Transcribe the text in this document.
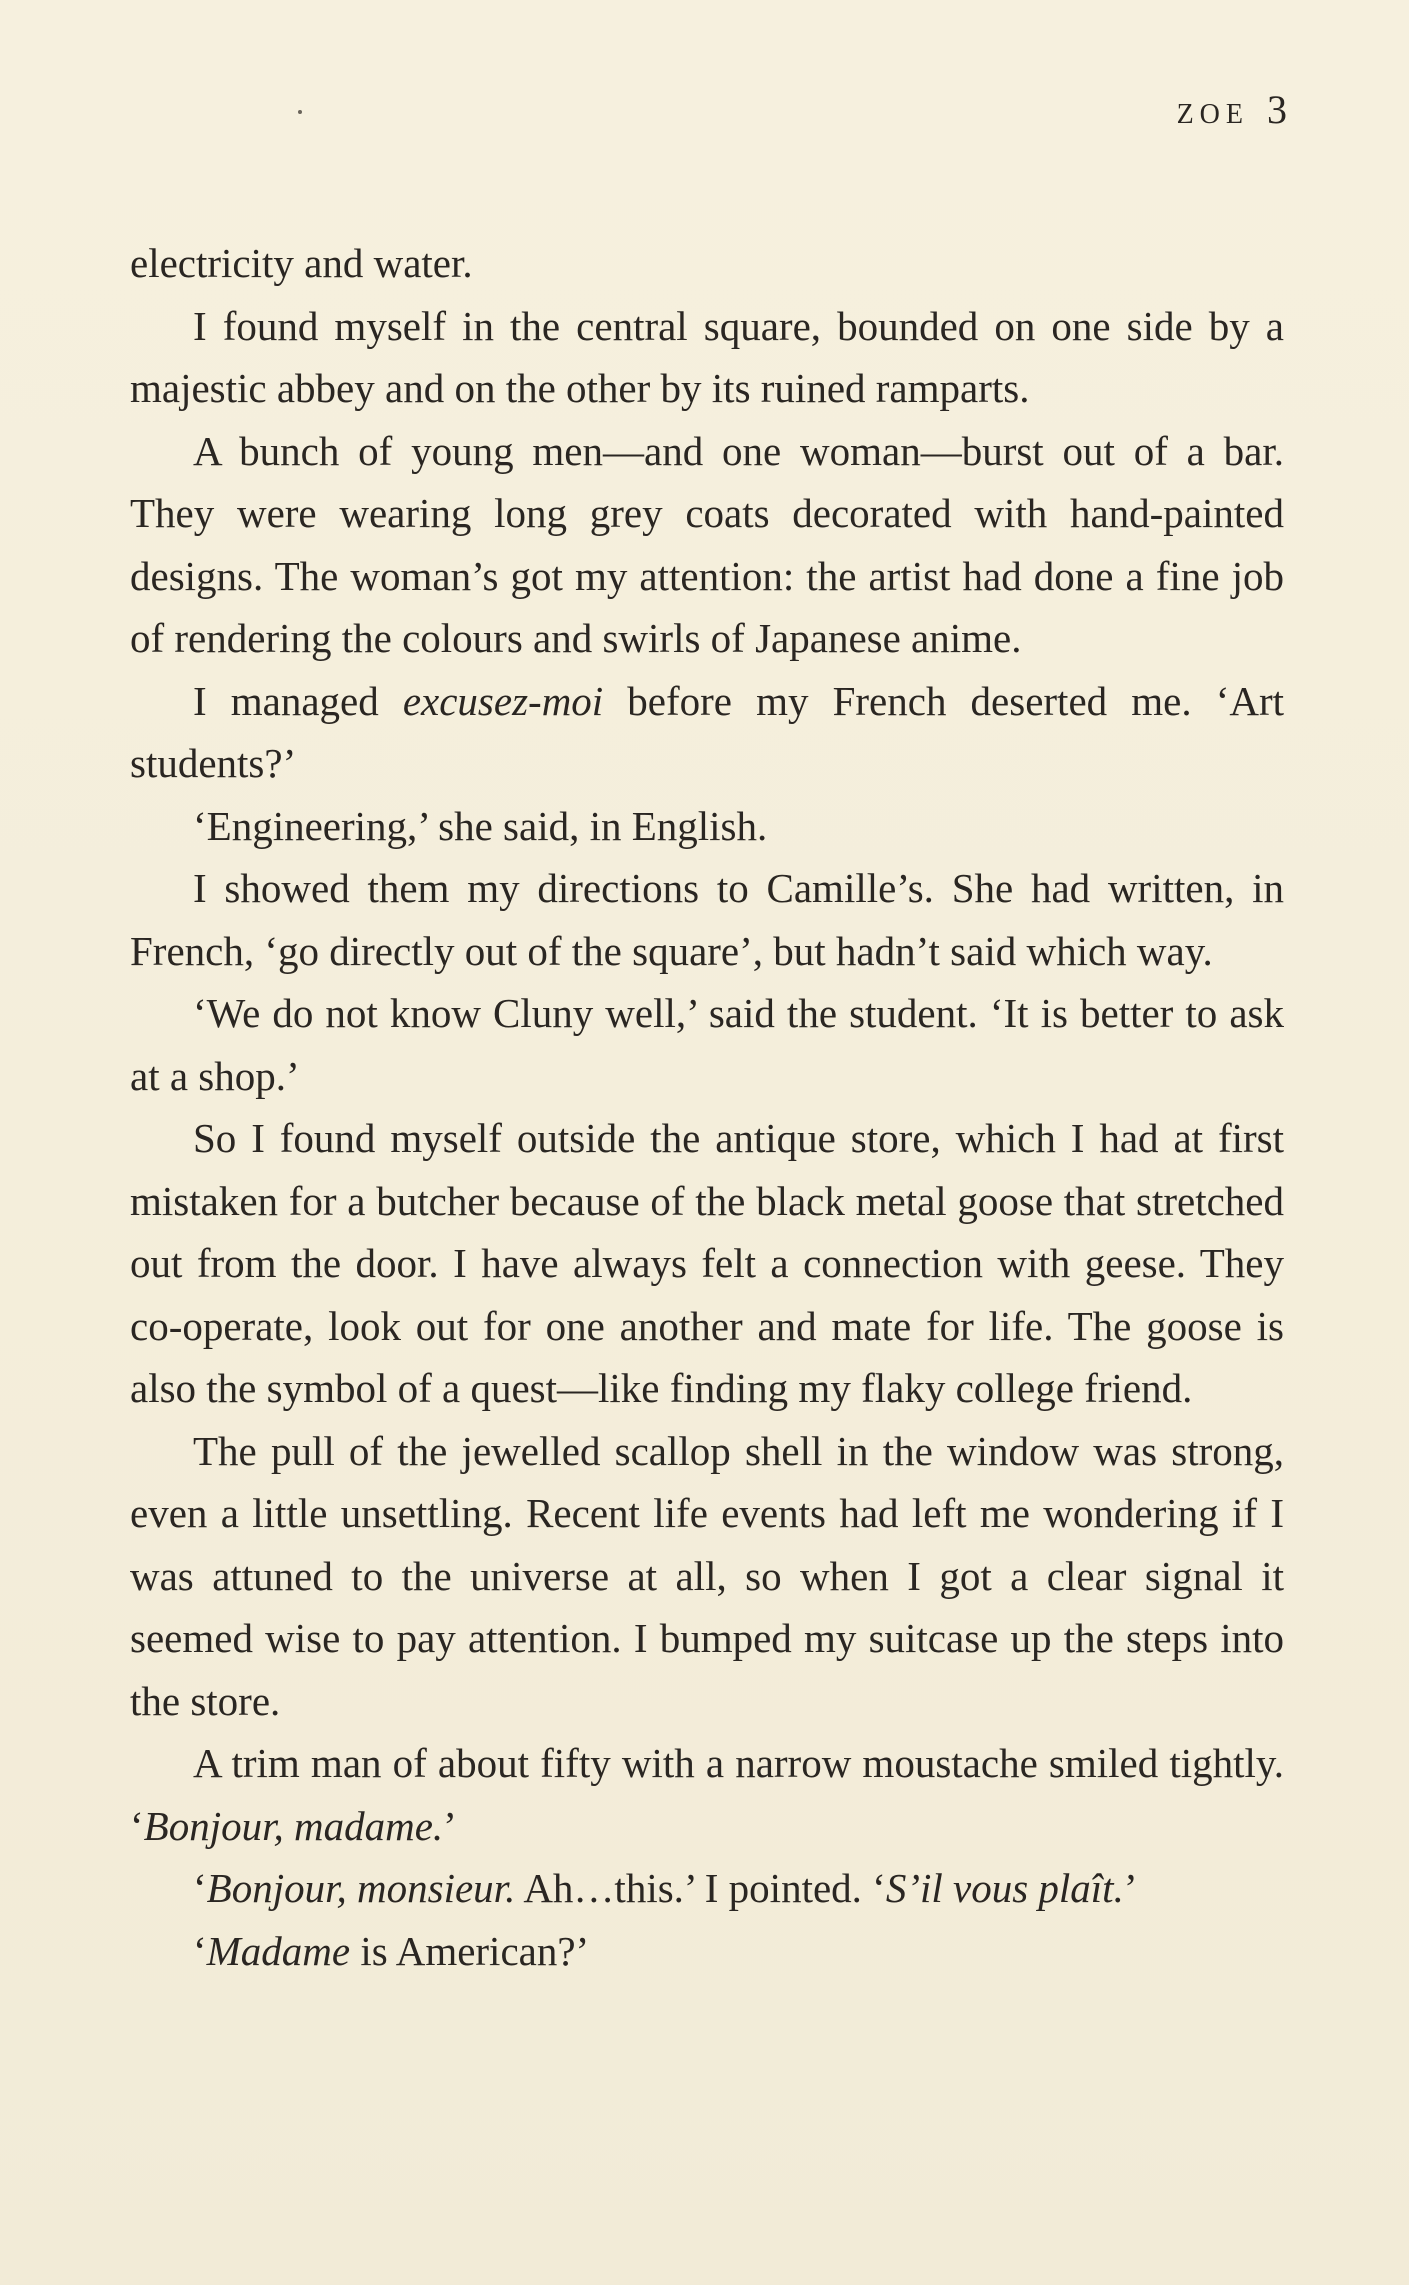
ZOE 3

electricity and water.

I found myself in the central square, bounded on one side by a majestic abbey and on the other by its ruined ramparts.

A bunch of young men—and one woman—burst out of a bar. They were wearing long grey coats decorated with hand-painted designs. The woman’s got my attention: the artist had done a fine job of rendering the colours and swirls of Japanese anime.

I managed excusez-moi before my French deserted me. ‘Art students?’

‘Engineering,’ she said, in English.

I showed them my directions to Camille’s. She had written, in French, ‘go directly out of the square’, but hadn’t said which way.

‘We do not know Cluny well,’ said the student. ‘It is better to ask at a shop.’

So I found myself outside the antique store, which I had at first mistaken for a butcher because of the black metal goose that stretched out from the door. I have always felt a connection with geese. They co-operate, look out for one another and mate for life. The goose is also the symbol of a quest—like finding my flaky college friend.

The pull of the jewelled scallop shell in the window was strong, even a little unsettling. Recent life events had left me wondering if I was attuned to the universe at all, so when I got a clear signal it seemed wise to pay attention. I bumped my suitcase up the steps into the store.

A trim man of about fifty with a narrow moustache smiled tightly. ‘Bonjour, madame.’

‘Bonjour, monsieur. Ah…this.’ I pointed. ‘S’il vous plaît.’

‘Madame is American?’
